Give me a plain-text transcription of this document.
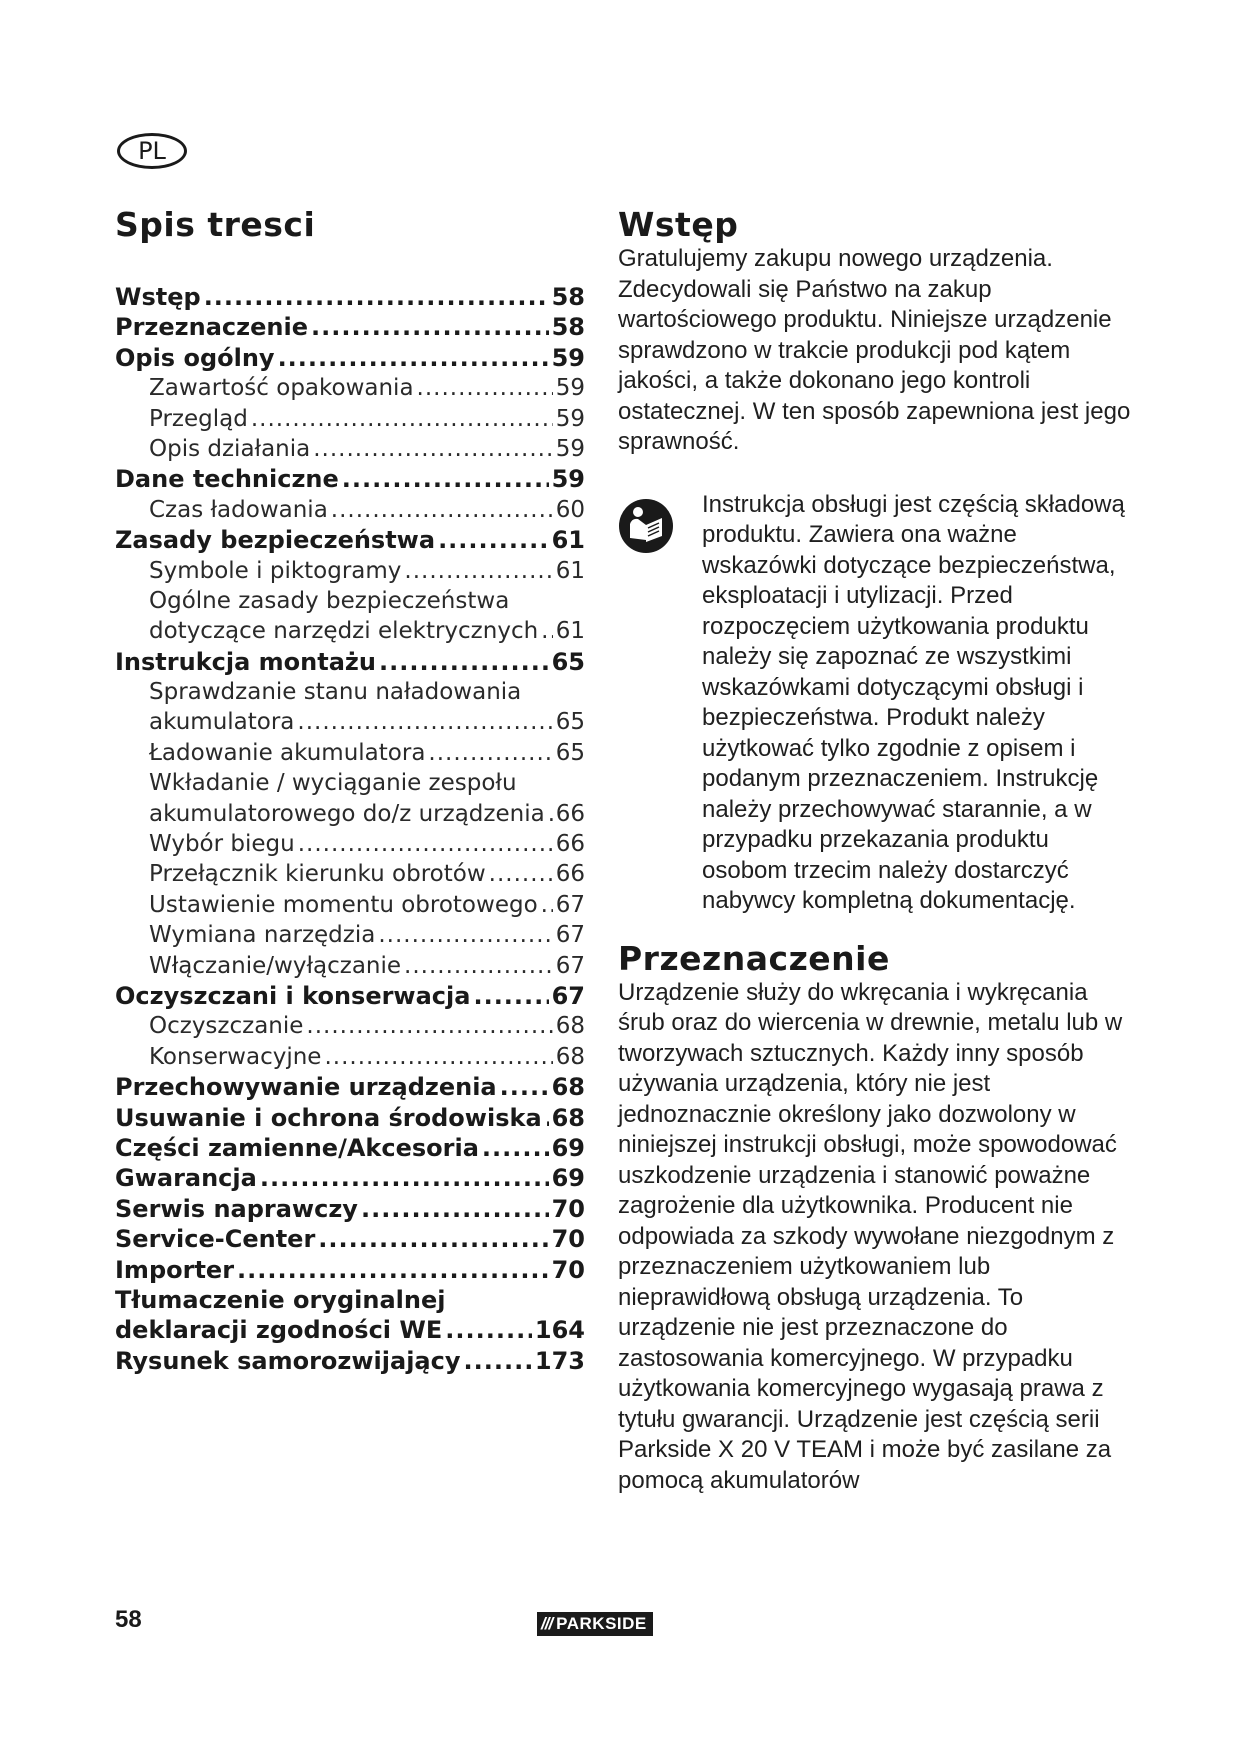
PL
Spis tresci
Wstęp .....	58
Przeznaczenie .....	58
Opis ogólny .....	59
Zawartość opakowania .....	59
Przegląd .....	59
Opis działania .....	59
Dane techniczne .....	59
Czas ładowania .....	60
Zasady bezpieczeństwa .....	61
Symbole i piktogramy .....	61
Ogólne zasady bezpieczeństwa
dotyczące narzędzi elektrycznych ..... 61
Instrukcja montażu .....	65
Sprawdzanie stanu naładowania
akumulatora .....	65
Ładowanie akumulatora .....	65
Wkładanie / wyciąganie zespołu
akumulatorowego do/z urządzenia ..... 66
Wybór biegu .....	66
Przełącznik kierunku obrotów .....	66
Ustawienie momentu obrotowego ..... 67
Wymiana narzędzia .....	67
Włączanie/wyłączanie .....	67
Oczyszczani i konserwacja .....	67
Oczyszczanie .....	68
Konserwacyjne .....	68
Przechowywanie urządzenia ..... 68
Usuwanie i ochrona środowiska ..... 68
Części zamienne/Akcesoria .....	69
Gwarancja .....	69
Serwis naprawczy .....	70
Service-Center .....	70
Importer .....	70
Tłumaczenie oryginalnej
deklaracji zgodności WE .....	164
Rysunek samorozwijający .....	173
Wstęp

Gratulujemy zakupu nowego urządzenia. Zdecydowali się Państwo na zakup wartościowego produktu. Niniejsze urządzenie sprawdzono w trakcie produkcji pod kątem jakości, a także dokonano jego kontroli ostatecznej. W ten sposób zapewniona jest jego sprawność.

Instrukcja obsługi jest częścią składową produktu. Zawiera ona ważne wskazówki dotyczące bezpieczeństwa, eksploatacji i utylizacji. Przed rozpoczęciem użytkowania produktu należy się zapoznać ze wszystkimi wskazówkami dotyczącymi obsługi i bezpieczeństwa. Produkt należy użytkować tylko zgodnie z opisem i podanym przeznaczeniem. Instrukcję należy przechowywać starannie, a w przypadku przekazania produktu osobom trzecim należy dostarczyć nabywcy kompletną dokumentację.

Przeznaczenie

Urządzenie służy do wkręcania i wykręcania śrub oraz do wiercenia w drewnie, metalu lub w tworzywach sztucznych. Każdy inny sposób używania urządzenia, który nie jest jednoznacznie określony jako dozwolony w niniejszej instrukcji obsługi, może spowodować uszkodzenie urządzenia i stanowić poważne zagrożenie dla użytkownika. Producent nie odpowiada za szkody wywołane niezgodnym z przeznaczeniem użytkowaniem lub nieprawidłową obsługą urządzenia. To urządzenie nie jest przeznaczone do zastosowania komercyjnego. W przypadku użytkowania komercyjnego wygasają prawa z tytułu gwarancji. Urządzenie jest częścią serii Parkside X 20 V TEAM i może być zasilane za pomocą akumulatorów

58	/// PARKSIDE
